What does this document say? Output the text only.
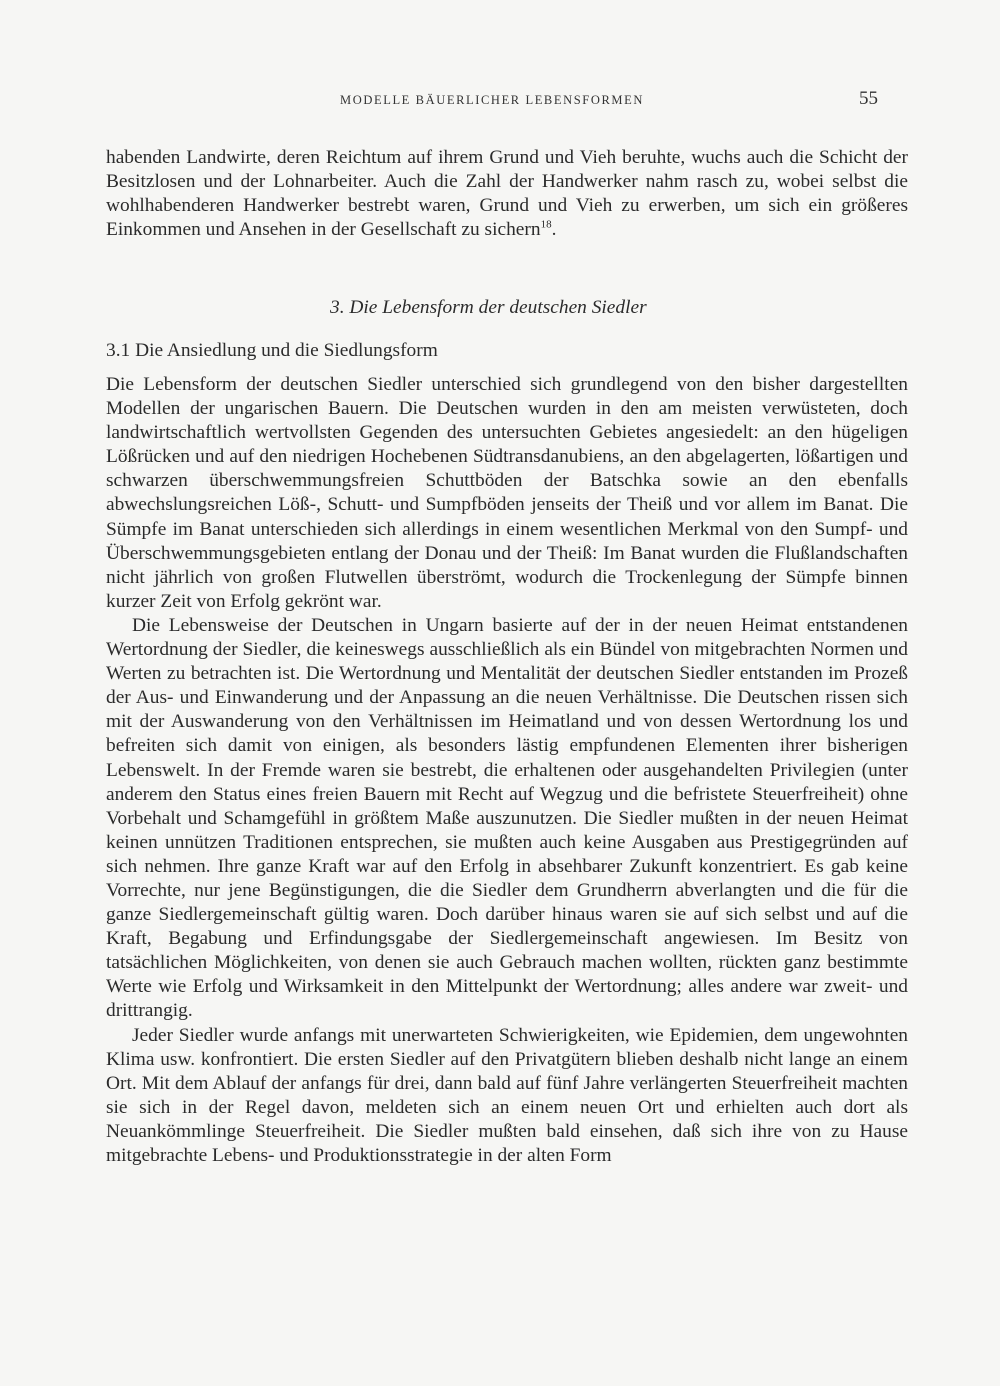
MODELLE BÄUERLICHER LEBENSFORMEN	55

habenden Landwirte, deren Reichtum auf ihrem Grund und Vieh beruhte, wuchs auch die Schicht der Besitzlosen und der Lohnarbeiter. Auch die Zahl der Handwerker nahm rasch zu, wobei selbst die wohlhabenderen Handwerker bestrebt waren, Grund und Vieh zu erwerben, um sich ein größeres Einkommen und Ansehen in der Gesellschaft zu sichern$^{18}$.

3. Die Lebensform der deutschen Siedler
3.1 Die Ansiedlung und die Siedlungsform

Die Lebensform der deutschen Siedler unterschied sich grundlegend von den bisher dargestellten Modellen der ungarischen Bauern. Die Deutschen wurden in den am meisten verwüsteten, doch landwirtschaftlich wertvollsten Gegenden des untersuchten Gebietes angesiedelt: an den hügeligen Lößrücken und auf den niedrigen Hochebenen Südtransdanubiens, an den abgelagerten, lößartigen und schwarzen überschwemmungsfreien Schuttböden der Batschka sowie an den ebenfalls abwechslungsreichen Löß-, Schutt- und Sumpfböden jenseits der Theiß und vor allem im Banat. Die Sümpfe im Banat unterschieden sich allerdings in einem wesentlichen Merkmal von den Sumpf- und Überschwemmungsgebieten entlang der Donau und der Theiß: Im Banat wurden die Flußlandschaften nicht jährlich von großen Flutwellen überströmt, wodurch die Trockenlegung der Sümpfe binnen kurzer Zeit von Erfolg gekrönt war.

Die Lebensweise der Deutschen in Ungarn basierte auf der in der neuen Heimat entstandenen Wertordnung der Siedler, die keineswegs ausschließlich als ein Bündel von mitgebrachten Normen und Werten zu betrachten ist. Die Wertordnung und Mentalität der deutschen Siedler entstanden im Prozeß der Aus- und Einwanderung und der Anpassung an die neuen Verhältnisse. Die Deutschen rissen sich mit der Auswanderung von den Verhältnissen im Heimatland und von dessen Wertordnung los und befreiten sich damit von einigen, als besonders lästig empfundenen Elementen ihrer bisherigen Lebenswelt. In der Fremde waren sie bestrebt, die erhaltenen oder ausgehandelten Privilegien (unter anderem den Status eines freien Bauern mit Recht auf Wegzug und die befristete Steuerfreiheit) ohne Vorbehalt und Schamgefühl in größtem Maße auszunutzen. Die Siedler mußten in der neuen Heimat keinen unnützen Traditionen entsprechen, sie mußten auch keine Ausgaben aus Prestigegründen auf sich nehmen. Ihre ganze Kraft war auf den Erfolg in absehbarer Zukunft konzentriert. Es gab keine Vorrechte, nur jene Begünstigungen, die die Siedler dem Grundherrn abverlangten und die für die ganze Siedlergemeinschaft gültig waren. Doch darüber hinaus waren sie auf sich selbst und auf die Kraft, Begabung und Erfindungsgabe der Siedlergemeinschaft angewiesen. Im Besitz von tatsächlichen Möglichkeiten, von denen sie auch Gebrauch machen wollten, rückten ganz bestimmte Werte wie Erfolg und Wirksamkeit in den Mittelpunkt der Wertordnung; alles andere war zweit- und drittrangig.

Jeder Siedler wurde anfangs mit unerwarteten Schwierigkeiten, wie Epidemien, dem ungewohnten Klima usw. konfrontiert. Die ersten Siedler auf den Privatgütern blieben deshalb nicht lange an einem Ort. Mit dem Ablauf der anfangs für drei, dann bald auf fünf Jahre verlängerten Steuerfreiheit machten sie sich in der Regel davon, meldeten sich an einem neuen Ort und erhielten auch dort als Neuankömmlinge Steuerfreiheit. Die Siedler mußten bald einsehen, daß sich ihre von zu Hause mitgebrachte Lebens- und Produktionsstrategie in der alten Form
